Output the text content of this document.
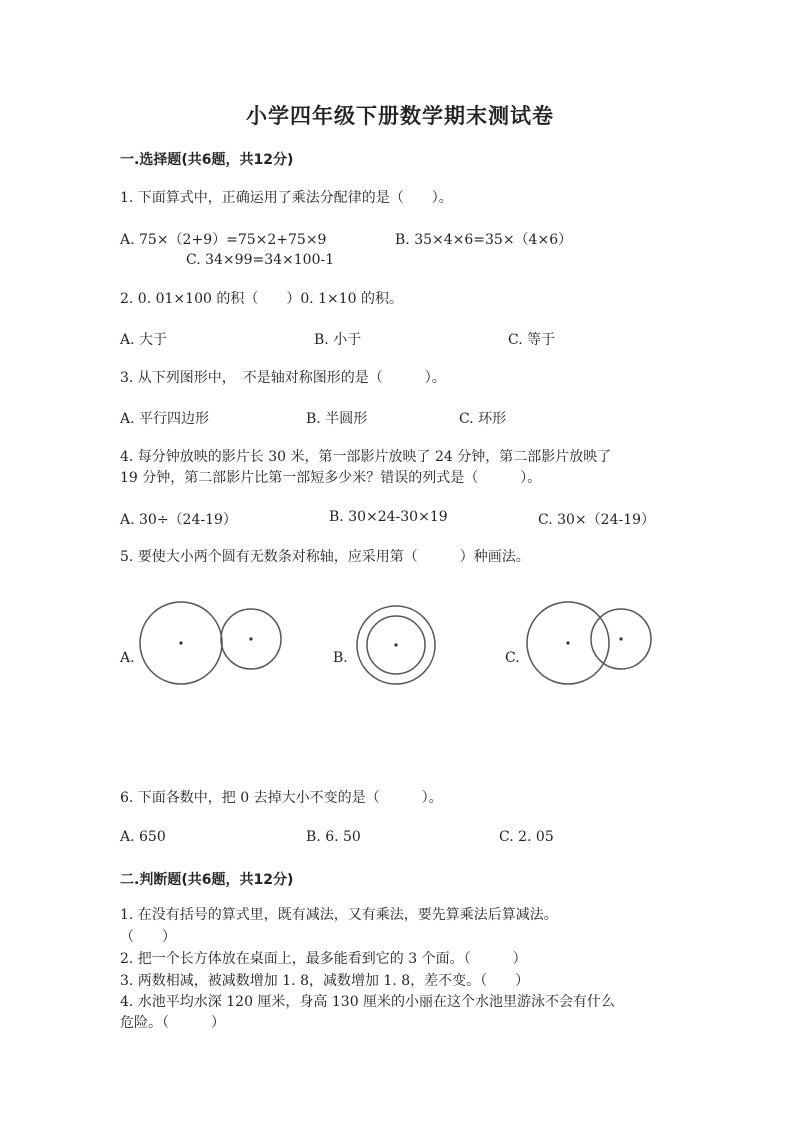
小学四年级下册数学期末测试卷
一.选择题(共6题，共12分)
1. 下面算式中，正确运用了乘法分配律的是（　　）。
A. 75×（2+9）=75×2+75×9	B. 35×4×6=35×（4×6）
C. 34×99=34×100-1
2. 0. 01×100 的积（　　）0. 1×10 的积。
A. 大于	B. 小于	C. 等于
3. 从下列图形中，　不是轴对称图形的是（　　　）。
A. 平行四边形	B. 半圆形	C. 环形
4. 每分钟放映的影片长 30 米，第一部影片放映了 24 分钟，第二部影片放映了
19 分钟，第二部影片比第一部短多少米？错误的列式是（　　　）。
A. 30÷（24-19）	B. 30×24-30×19	C. 30×（24-19）
5. 要使大小两个圆有无数条对称轴，应采用第（　　　）种画法。
A.	B.	C.
6. 下面各数中，把 0 去掉大小不变的是（　　　）。
A. 650	B. 6. 50	C. 2. 05
二.判断题(共6题，共12分)
1. 在没有括号的算式里，既有减法，又有乘法，要先算乘法后算减法。
（　　）
2. 把一个长方体放在桌面上，最多能看到它的 3 个面。（　　　）
3. 两数相减，被减数增加 1. 8，减数增加 1. 8，差不变。（　　）
4. 水池平均水深 120 厘米，身高 130 厘米的小丽在这个水池里游泳不会有什么
危险。（　　　）
